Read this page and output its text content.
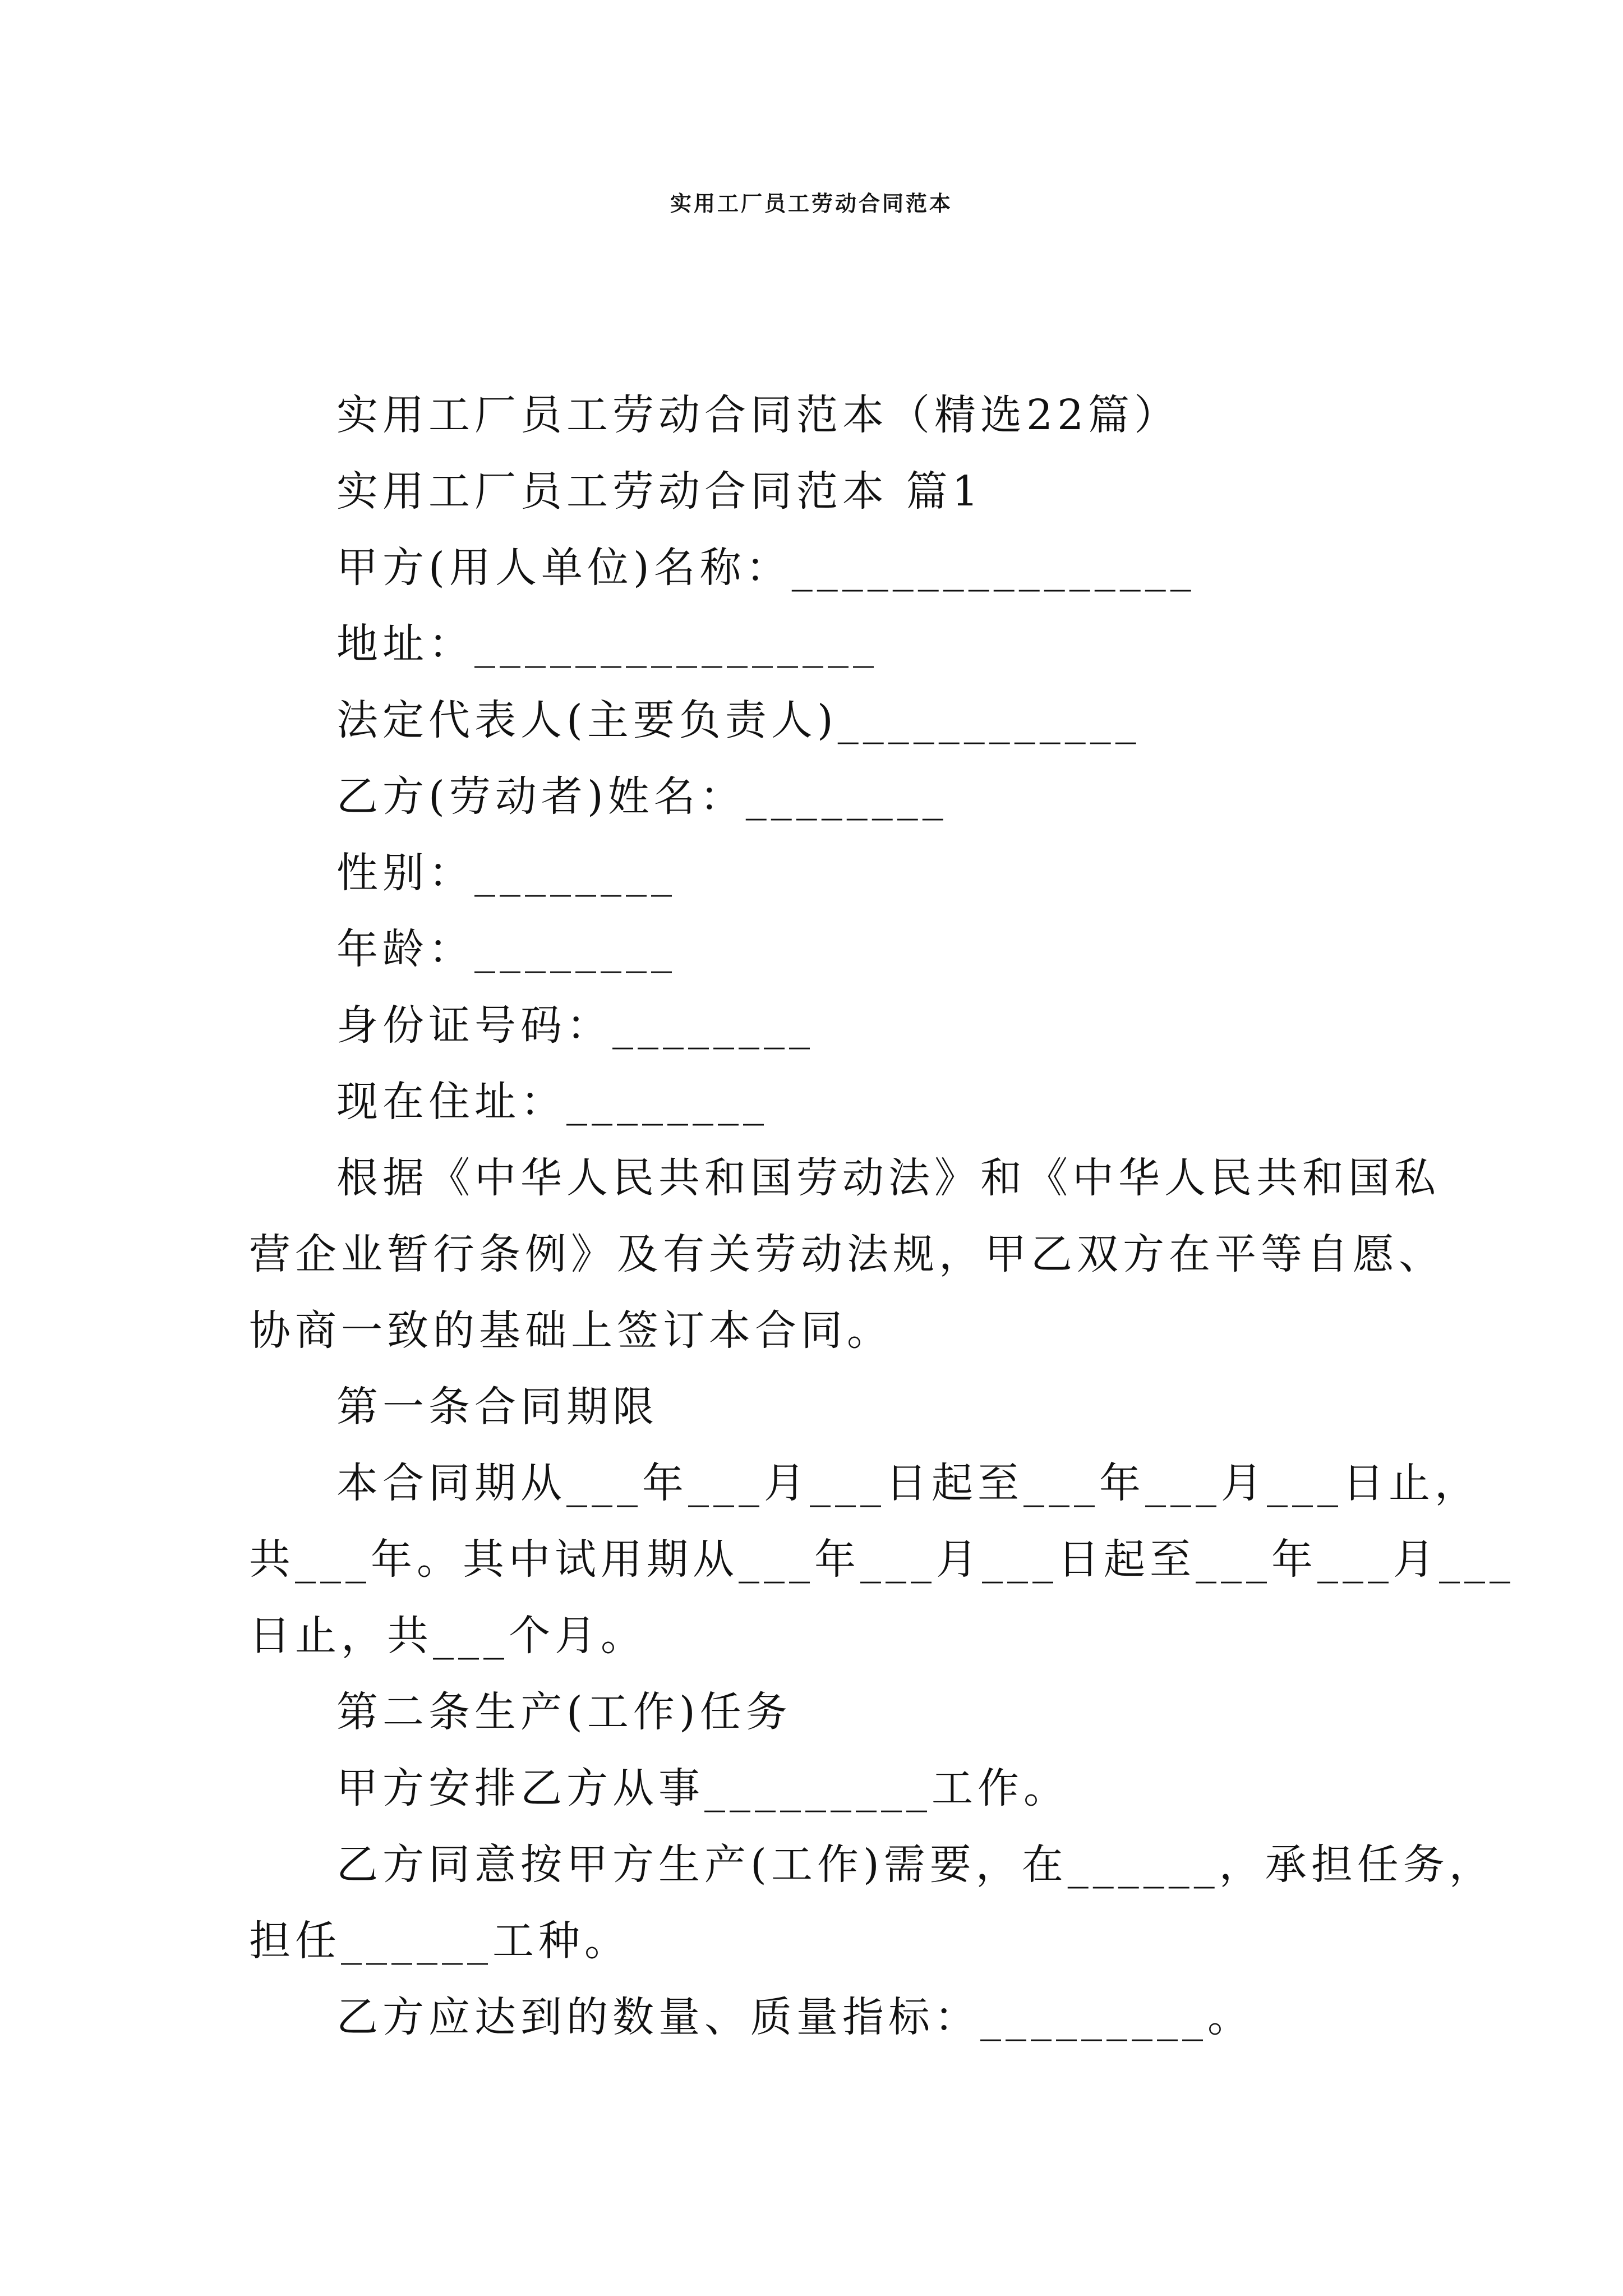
实用工厂员工劳动合同范本
实用工厂员工劳动合同范本（精选22篇）
实用工厂员工劳动合同范本 篇1
甲方(用人单位)名称：________________
地址：________________
法定代表人(主要负责人)____________
乙方(劳动者)姓名：________
性别：________
年龄：________
身份证号码：________
现在住址：________
根据《中华人民共和国劳动法》和《中华人民共和国私
营企业暂行条例》及有关劳动法规，甲乙双方在平等自愿、
协商一致的基础上签订本合同。
第一条合同期限
本合同期从___年___月___日起至___年___月___日止，
共___年。其中试用期从___年___月___日起至___年___月___
日止，共___个月。
第二条生产(工作)任务
甲方安排乙方从事_________工作。
乙方同意按甲方生产(工作)需要，在______，承担任务，
担任______工种。
乙方应达到的数量、质量指标：_________。
